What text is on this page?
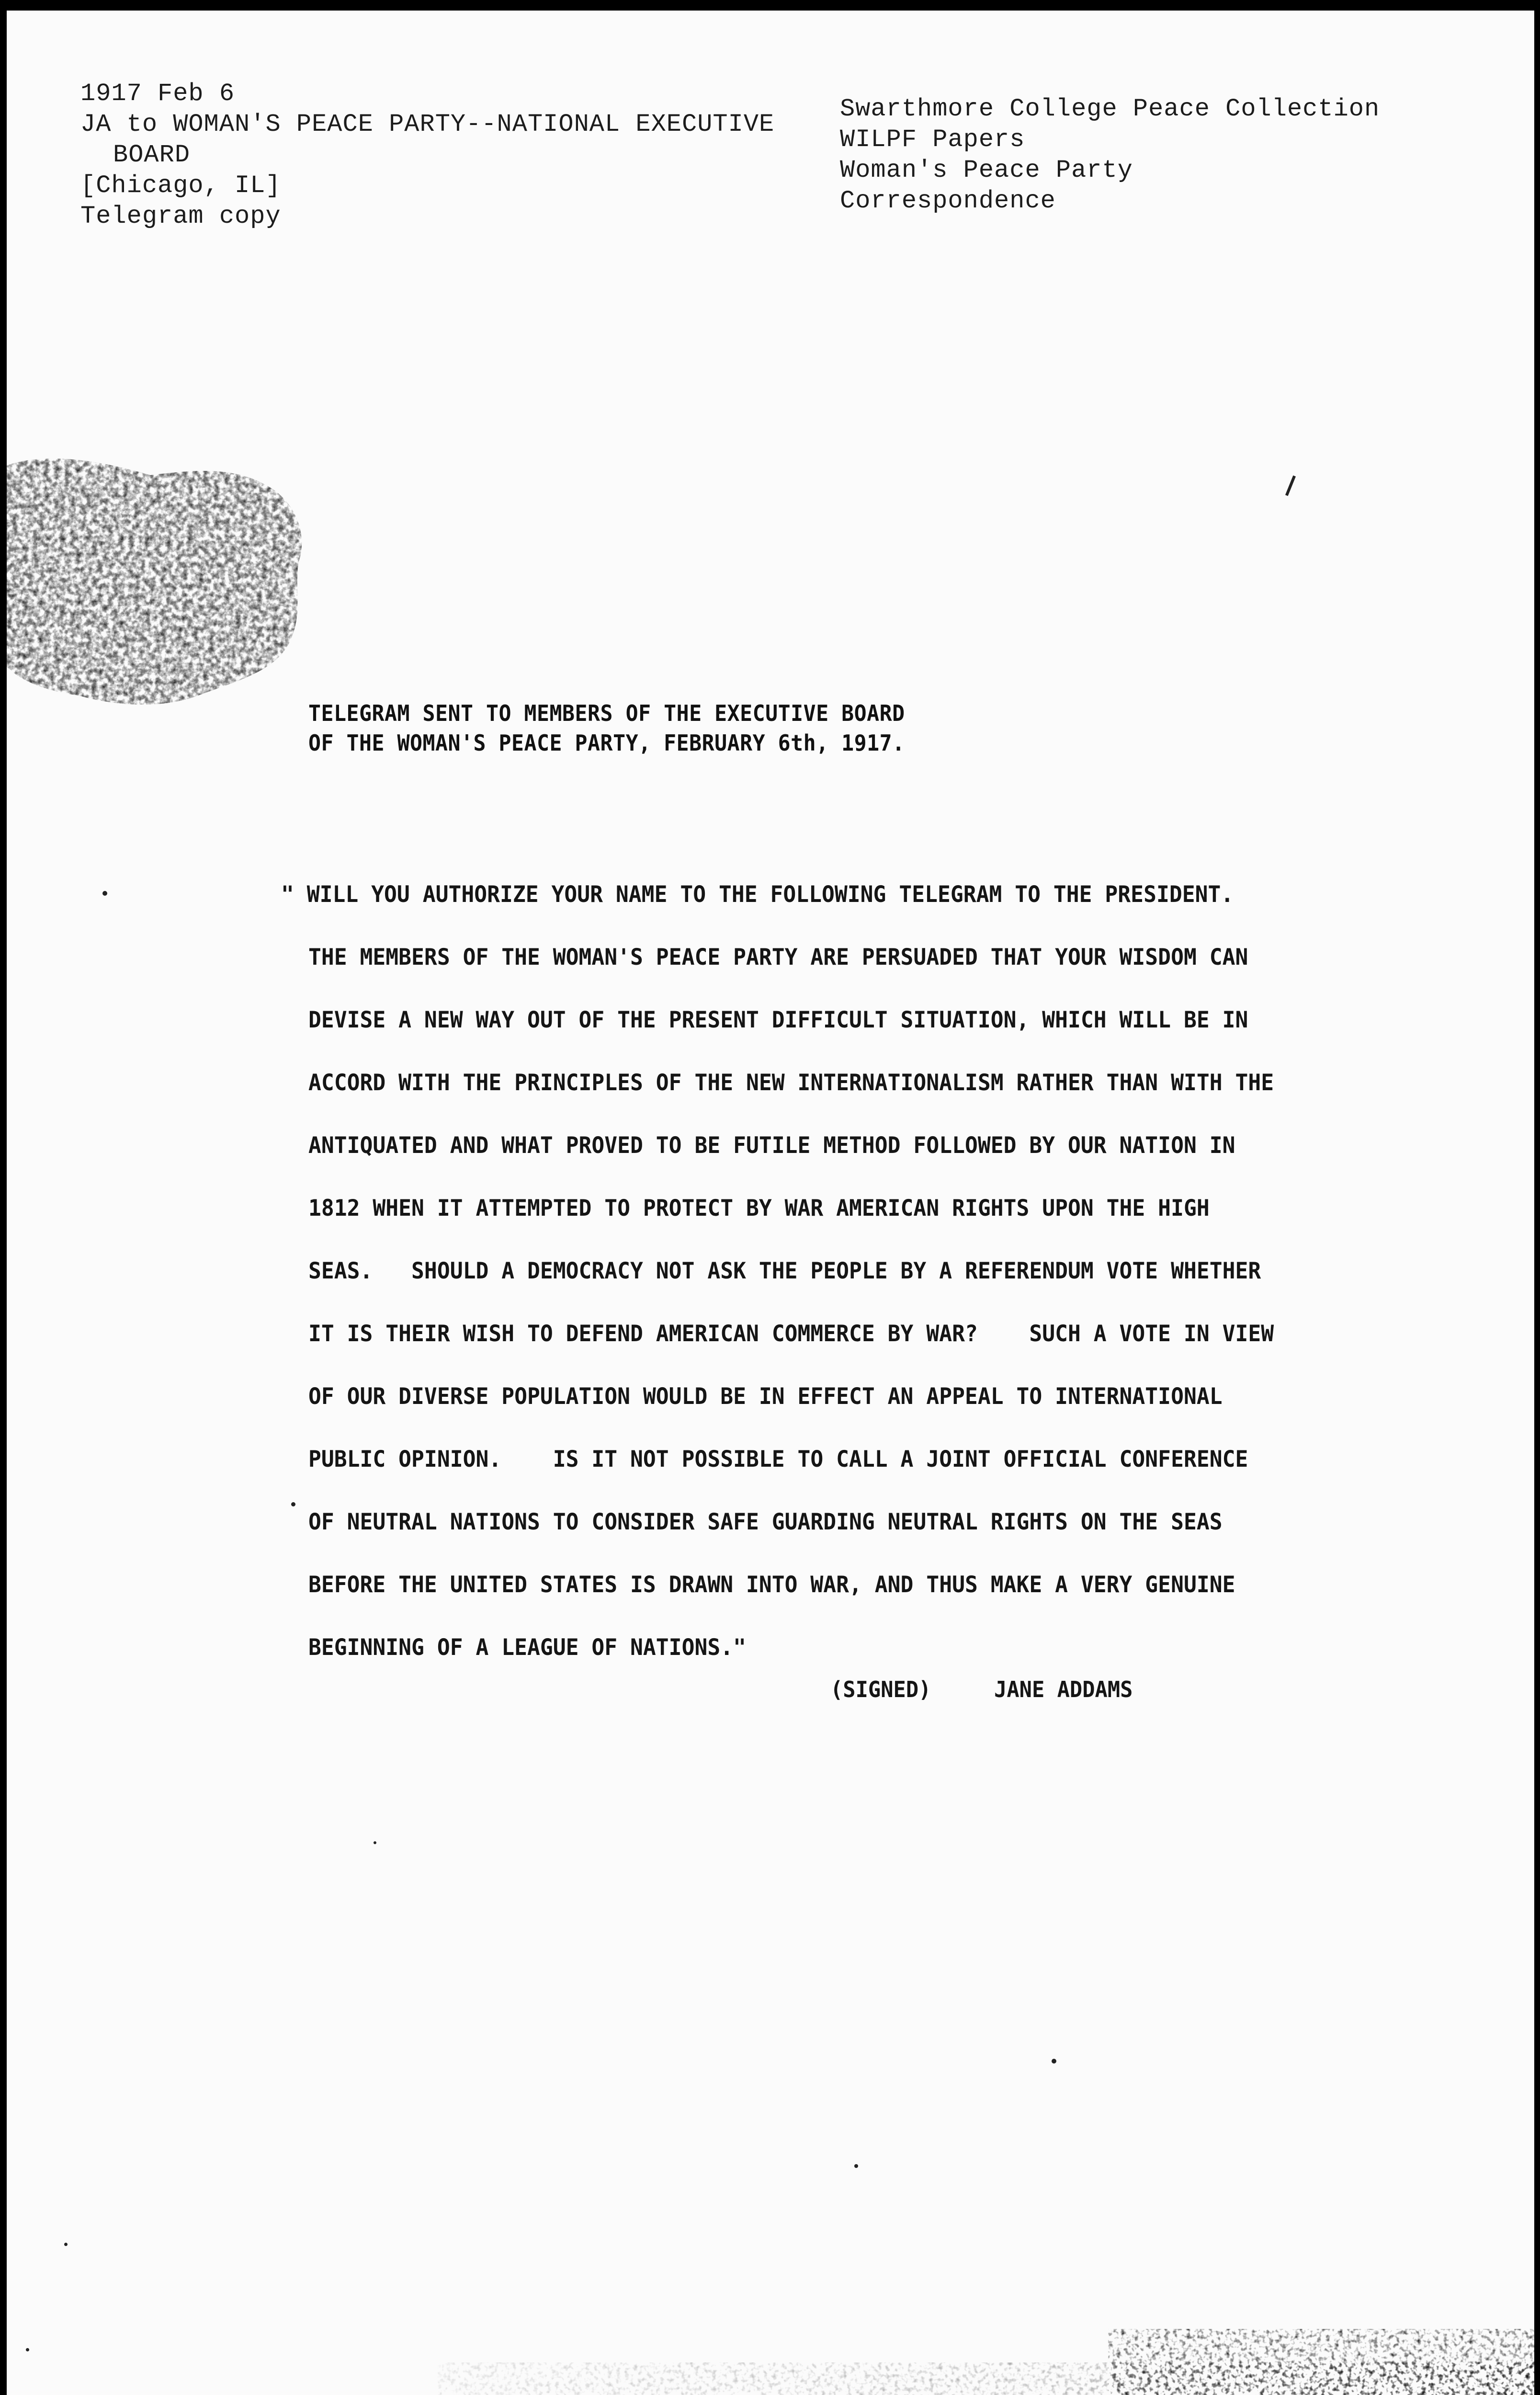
1917 Feb 6
JA to WOMAN'S PEACE PARTY--NATIONAL EXECUTIVE
BOARD
[Chicago, IL]
Telegram copy
Swarthmore College Peace Collection
WILPF Papers
Woman's Peace Party
Correspondence
TELEGRAM SENT TO MEMBERS OF THE EXECUTIVE BOARD
OF THE WOMAN'S PEACE PARTY, FEBRUARY 6th, 1917.
" WILL YOU AUTHORIZE YOUR NAME TO THE FOLLOWING TELEGRAM TO THE PRESIDENT.
THE MEMBERS OF THE WOMAN'S PEACE PARTY ARE PERSUADED THAT YOUR WISDOM CAN
DEVISE A NEW WAY OUT OF THE PRESENT DIFFICULT SITUATION, WHICH WILL BE IN
ACCORD WITH THE PRINCIPLES OF THE NEW INTERNATIONALISM RATHER THAN WITH THE
ANTIQUATED AND WHAT PROVED TO BE FUTILE METHOD FOLLOWED BY OUR NATION IN
1812 WHEN IT ATTEMPTED TO PROTECT BY WAR AMERICAN RIGHTS UPON THE HIGH
SEAS.   SHOULD A DEMOCRACY NOT ASK THE PEOPLE BY A REFERENDUM VOTE WHETHER
IT IS THEIR WISH TO DEFEND AMERICAN COMMERCE BY WAR?    SUCH A VOTE IN VIEW
OF OUR DIVERSE POPULATION WOULD BE IN EFFECT AN APPEAL TO INTERNATIONAL
PUBLIC OPINION.    IS IT NOT POSSIBLE TO CALL A JOINT OFFICIAL CONFERENCE
OF NEUTRAL NATIONS TO CONSIDER SAFE GUARDING NEUTRAL RIGHTS ON THE SEAS
BEFORE THE UNITED STATES IS DRAWN INTO WAR, AND THUS MAKE A VERY GENUINE
BEGINNING OF A LEAGUE OF NATIONS."
(SIGNED)	JANE ADDAMS
